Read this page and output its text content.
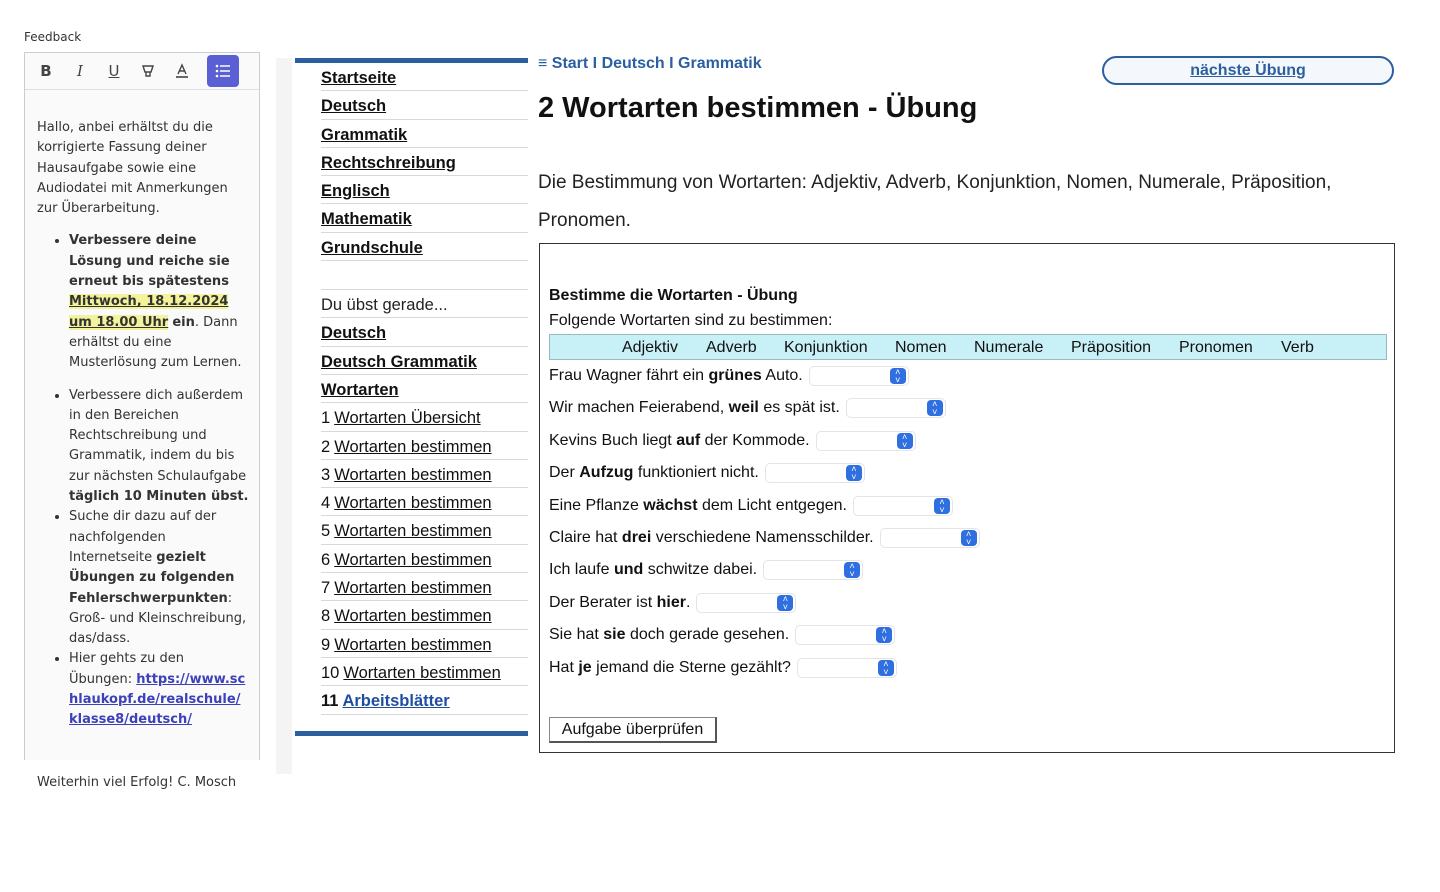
Feedback
B	I	U

Hallo, anbei erhältst du die korrigierte Fassung deiner Hausaufgabe sowie eine Audiodatei mit Anmerkungen zur Überarbeitung.

• Verbessere deine Lösung und reiche sie erneut bis spätestens Mittwoch, 18.12.2024 um 18.00 Uhr ein. Dann erhältst du eine Musterlösung zum Lernen.
• Verbessere dich außerdem in den Bereichen Rechtschreibung und Grammatik, indem du bis zur nächsten Schulaufgabe täglich 10 Minuten übst.
• Suche dir dazu auf der nachfolgenden Internetseite gezielt Übungen zu folgenden Fehlerschwerpunkten: Groß- und Kleinschreibung, das/dass.
• Hier gehts zu den Übungen: https://www.schlaukopf.de/realschule/klasse8/deutsch/

Weiterhin viel Erfolg! C. Mosch

Startseite
Deutsch
Grammatik
Rechtschreibung
Englisch
Mathematik
Grundschule
Du übst gerade...
Deutsch
Deutsch Grammatik
Wortarten
1 Wortarten Übersicht
2 Wortarten bestimmen
3 Wortarten bestimmen
4 Wortarten bestimmen
5 Wortarten bestimmen
6 Wortarten bestimmen
7 Wortarten bestimmen
8 Wortarten bestimmen
9 Wortarten bestimmen
10 Wortarten bestimmen
11 Arbeitsblätter
≡ Start I Deutsch I Grammatik	nächste Übung
2 Wortarten bestimmen - Übung

Die Bestimmung von Wortarten: Adjektiv, Adverb, Konjunktion, Nomen, Numerale, Präposition, Pronomen.

Bestimme die Wortarten - Übung
Folgende Wortarten sind zu bestimmen:
Adjektiv Adverb Konjunktion Nomen Numerale Präposition Pronomen Verb
Frau Wagner fährt ein grünes Auto.	˄
˅
Wir machen Feierabend, weil es spät ist.	˄
˅
Kevins Buch liegt auf der Kommode.	˄
˅
Der Aufzug funktioniert nicht.	˄
˅
Eine Pflanze wächst dem Licht entgegen.	˄
˅
Claire hat drei verschiedene Namensschilder.	˄
˅
Ich laufe und schwitze dabei.	˄
˅
Der Berater ist hier .	˄
˅
Sie hat sie doch gerade gesehen.	˄
˅
Hat je jemand die Sterne gezählt?	˄
˅
Aufgabe überprüfen
